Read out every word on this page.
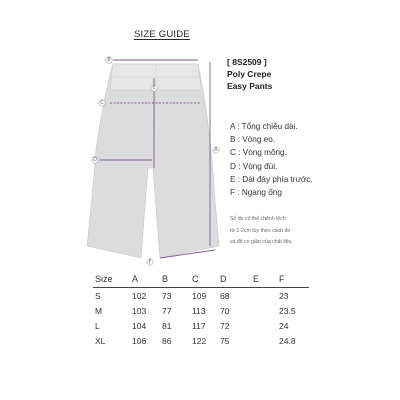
SIZE GUIDE
B
E
C
A
D
F
[ 8S2509 ]
Poly Crepe
Easy Pants
A : Tổng chiều dài.
B : Vòng eo.
C : Vòng mông.
D : Vòng đùi.
E : Dài đáy phía trước.
F : Ngang ống
Số đo có thể chênh lệch
từ 1-2cm tùy theo cách đo
và độ co giãn của chất liệu.
Size	A	B	C	D	E	F
S	102	73	109	68		23
M	103	77	113	70		23.5
L	104	81	117	72		24
XL	106	86	122	75		24.8
